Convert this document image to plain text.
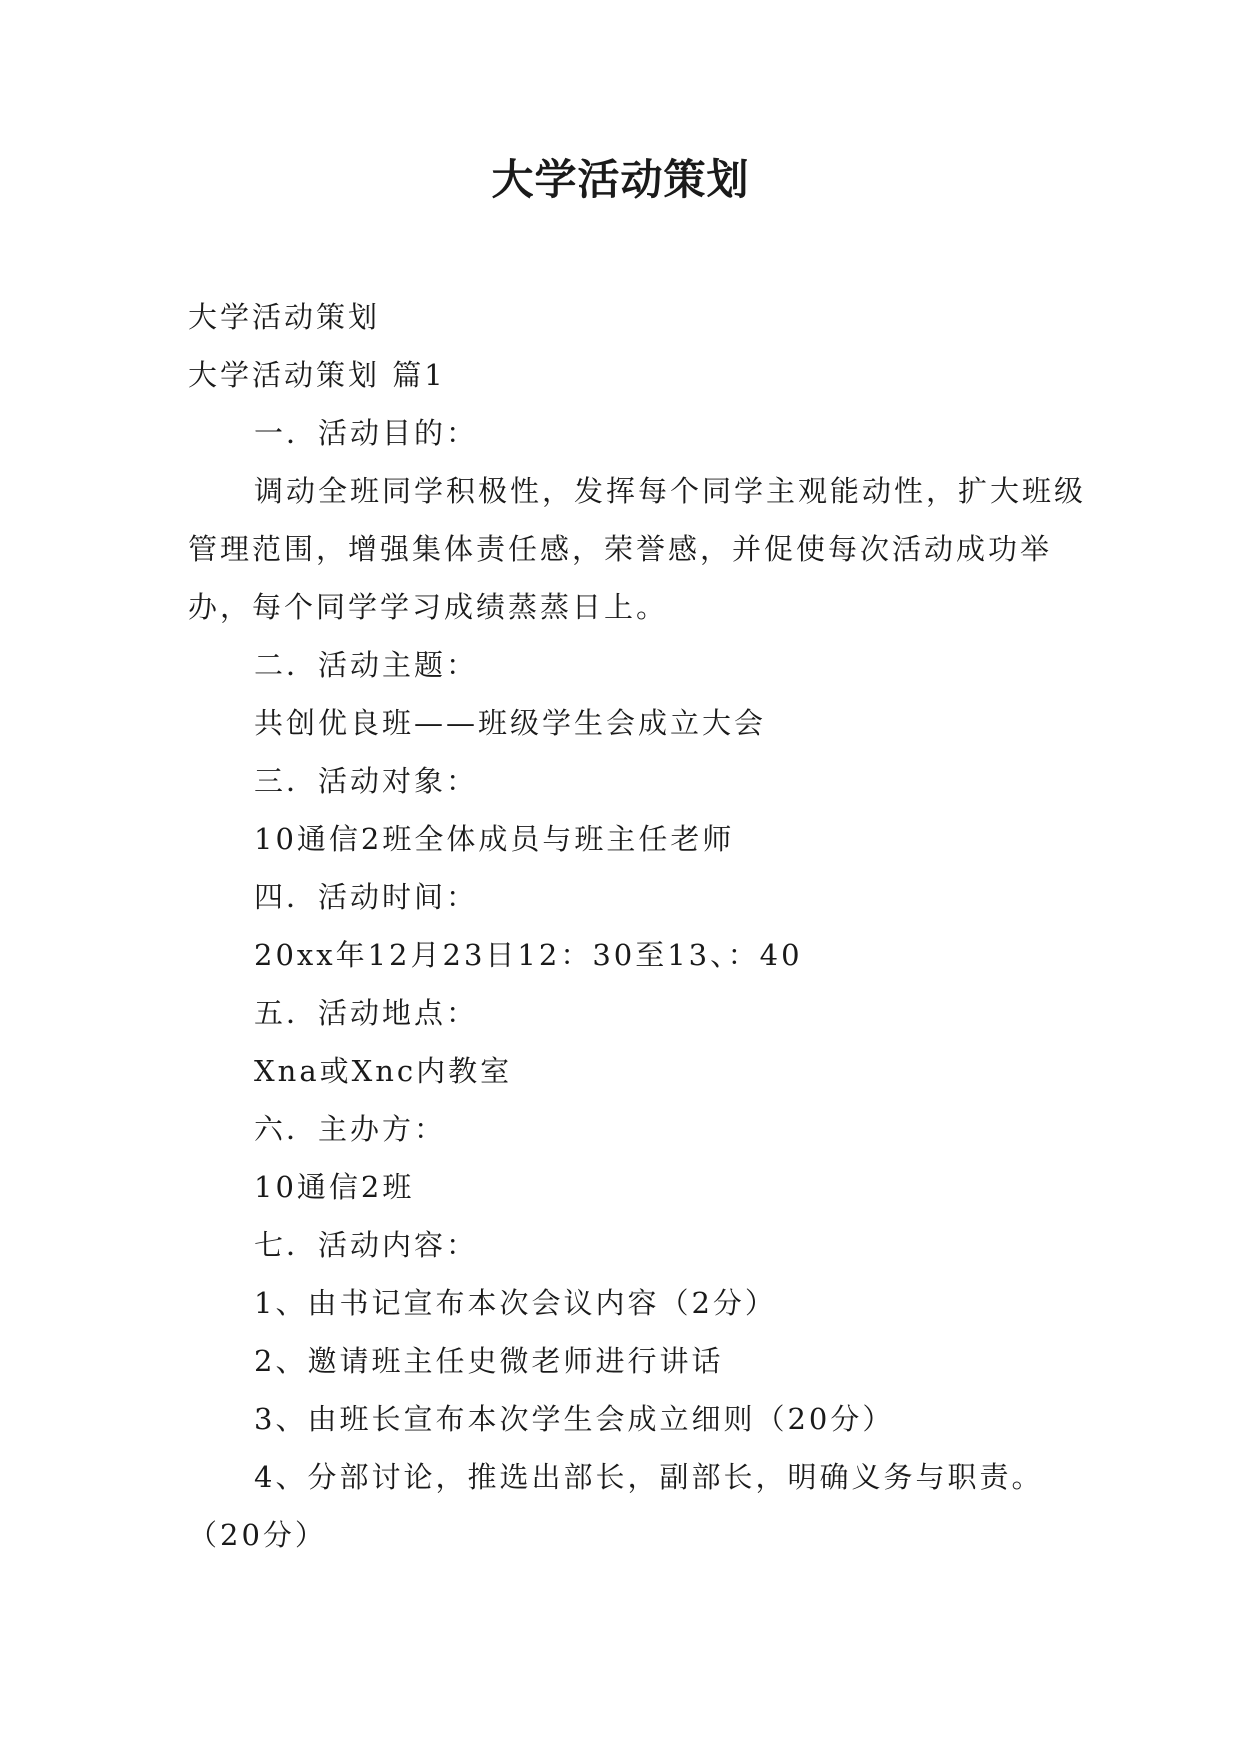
大学活动策划

大学活动策划

大学活动策划 篇1

一．活动目的：

调动全班同学积极性，发挥每个同学主观能动性，扩大班级管理范围，增强集体责任感，荣誉感，并促使每次活动成功举办，每个同学学习成绩蒸蒸日上。

二．活动主题：

共创优良班——班级学生会成立大会

三．活动对象：

10通信2班全体成员与班主任老师

四．活动时间：

20xx年12月23日12：30至13、：40

五．活动地点：

Xna或Xnc内教室

六．主办方：

10通信2班

七．活动内容：

1、由书记宣布本次会议内容（2分）

2、邀请班主任史微老师进行讲话

3、由班长宣布本次学生会成立细则（20分）

4、分部讨论，推选出部长，副部长，明确义务与职责。（20分）
